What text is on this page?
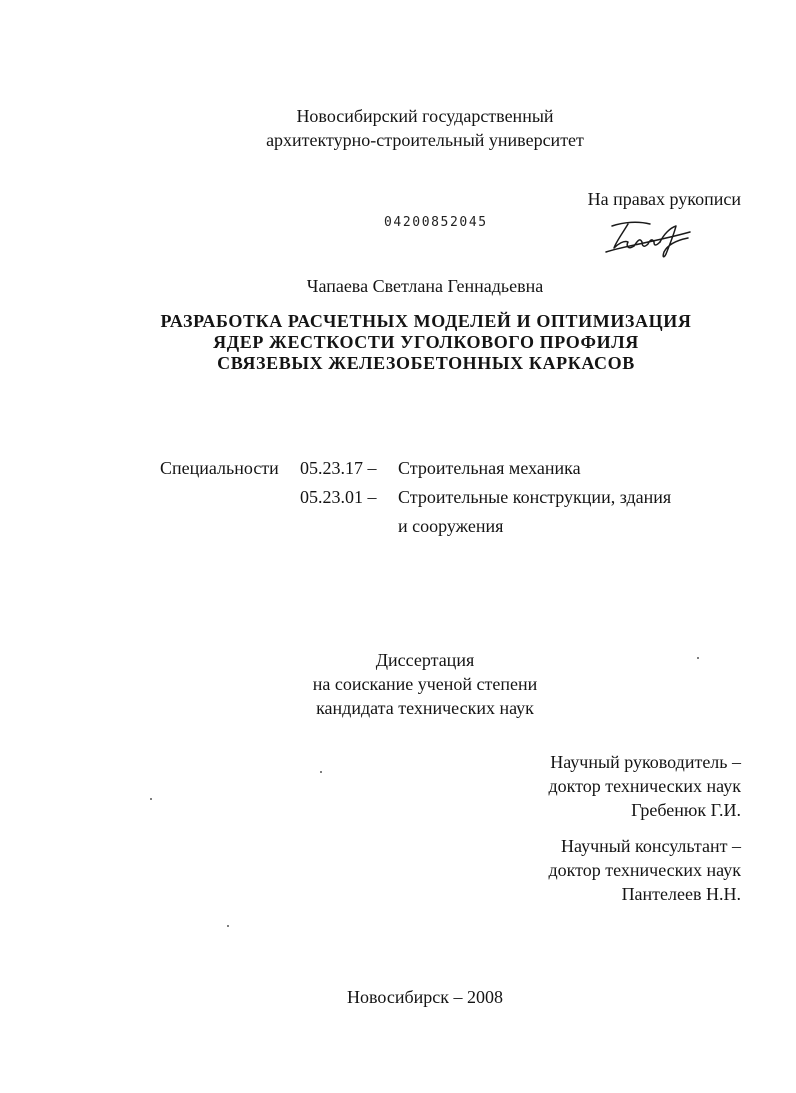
Новосибирский государственный
архитектурно-строительный университет
На правах рукописи
04200852045
Чапаева Светлана Геннадьевна
РАЗРАБОТКА РАСЧЕТНЫХ МОДЕЛЕЙ И ОПТИМИЗАЦИЯ
ЯДЕР ЖЕСТКОСТИ УГОЛКОВОГО ПРОФИЛЯ
СВЯЗЕВЫХ ЖЕЛЕЗОБЕТОННЫХ КАРКАСОВ
Специальности 05.23.17 – Строительная механика
05.23.01 – Строительные конструкции, здания
и сооружения
Диссертация
на соискание ученой степени
кандидата технических наук
Научный руководитель –
доктор технических наук
Гребенюк Г.И.
Научный консультант –
доктор технических наук
Пантелеев Н.Н.
Новосибирск – 2008
